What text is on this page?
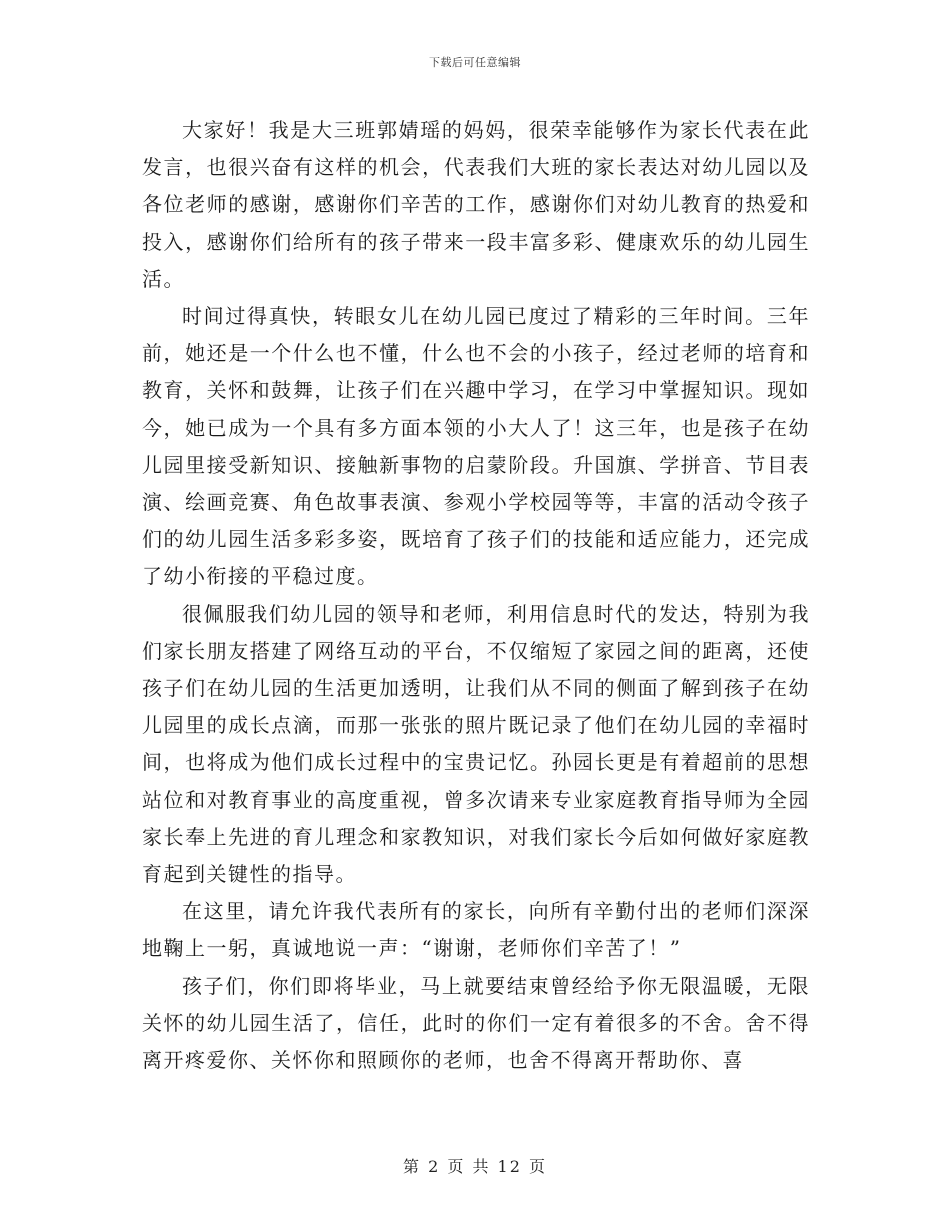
下载后可任意编辑

大家好！我是大三班郭婧瑶的妈妈，很荣幸能够作为家长代表在此发言，也很兴奋有这样的机会，代表我们大班的家长表达对幼儿园以及各位老师的感谢，感谢你们辛苦的工作，感谢你们对幼儿教育的热爱和投入，感谢你们给所有的孩子带来一段丰富多彩、健康欢乐的幼儿园生活。

时间过得真快，转眼女儿在幼儿园已度过了精彩的三年时间。三年前，她还是一个什么也不懂，什么也不会的小孩子，经过老师的培育和教育，关怀和鼓舞，让孩子们在兴趣中学习，在学习中掌握知识。现如今，她已成为一个具有多方面本领的小大人了！这三年，也是孩子在幼儿园里接受新知识、接触新事物的启蒙阶段。升国旗、学拼音、节目表演、绘画竞赛、角色故事表演、参观小学校园等等，丰富的活动令孩子们的幼儿园生活多彩多姿，既培育了孩子们的技能和适应能力，还完成了幼小衔接的平稳过度。

很佩服我们幼儿园的领导和老师，利用信息时代的发达，特别为我们家长朋友搭建了网络互动的平台，不仅缩短了家园之间的距离，还使孩子们在幼儿园的生活更加透明，让我们从不同的侧面了解到孩子在幼儿园里的成长点滴，而那一张张的照片既记录了他们在幼儿园的幸福时间，也将成为他们成长过程中的宝贵记忆。孙园长更是有着超前的思想站位和对教育事业的高度重视，曾多次请来专业家庭教育指导师为全园家长奉上先进的育儿理念和家教知识，对我们家长今后如何做好家庭教育起到关键性的指导。

在这里，请允许我代表所有的家长，向所有辛勤付出的老师们深深地鞠上一躬，真诚地说一声：“谢谢，老师你们辛苦了！”

孩子们，你们即将毕业，马上就要结束曾经给予你无限温暖，无限关怀的幼儿园生活了，信任，此时的你们一定有着很多的不舍。舍不得离开疼爱你、关怀你和照顾你的老师，也舍不得离开帮助你、喜

第 2 页 共 12 页
